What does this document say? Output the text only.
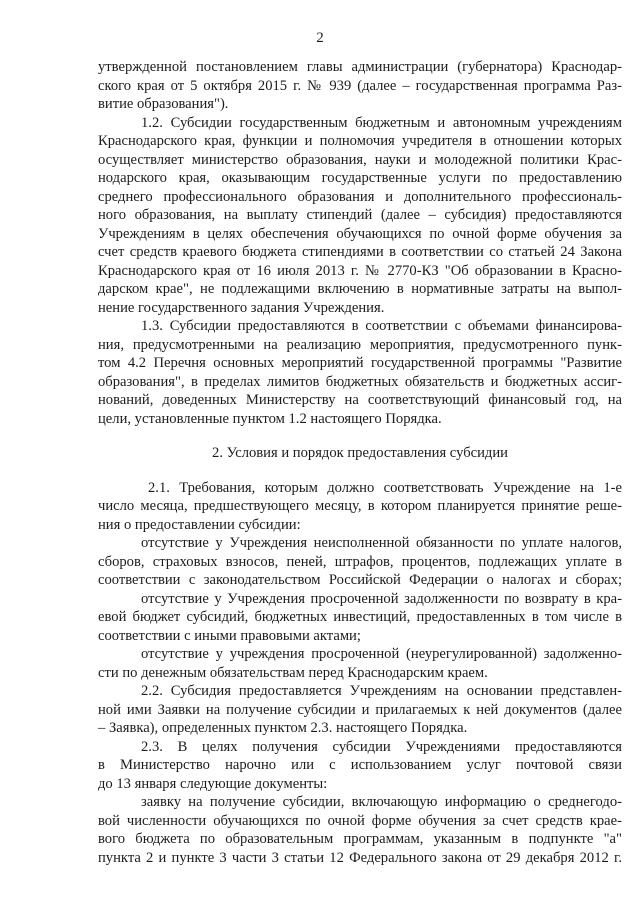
2
утвержденной постановлением главы администрации (губернатора) Краснодар-
ского края от 5 октября 2015 г. № 939 (далее – государственная программа Раз-
витие образования").
1.2. Субсидии государственным бюджетным и автономным учреждениям
Краснодарского края, функции и полномочия учредителя в отношении которых
осуществляет министерство образования, науки и молодежной политики Крас-
нодарского края, оказывающим государственные услуги по предоставлению
среднего профессионального образования и дополнительного профессиональ-
ного образования, на выплату стипендий (далее – субсидия) предоставляются
Учреждениям в целях обеспечения обучающихся по очной форме обучения за
счет средств краевого бюджета стипендиями в соответствии со статьей 24 Закона
Краснодарского края от 16 июля 2013 г. № 2770-КЗ "Об образовании в Красно-
дарском крае", не подлежащими включению в нормативные затраты на выпол-
нение государственного задания Учреждения.
1.3. Субсидии предоставляются в соответствии с объемами финансирова-
ния, предусмотренными на реализацию мероприятия, предусмотренного пунк-
том 4.2 Перечня основных мероприятий государственной программы "Развитие
образования", в пределах лимитов бюджетных обязательств и бюджетных ассиг-
нований, доведенных Министерству на соответствующий финансовый год, на
цели, установленные пунктом 1.2 настоящего Порядка.
2. Условия и порядок предоставления субсидии
2.1. Требования, которым должно соответствовать Учреждение на 1-е
число месяца, предшествующего месяцу, в котором планируется принятие реше-
ния о предоставлении субсидии:
отсутствие у Учреждения неисполненной обязанности по уплате налогов,
сборов, страховых взносов, пеней, штрафов, процентов, подлежащих уплате в
соответствии с законодательством Российской Федерации о налогах и сборах;
отсутствие у Учреждения просроченной задолженности по возврату в кра-
евой бюджет субсидий, бюджетных инвестиций, предоставленных в том числе в
соответствии с иными правовыми актами;
отсутствие у учреждения просроченной (неурегулированной) задолженно-
сти по денежным обязательствам перед Краснодарским краем.
2.2. Субсидия предоставляется Учреждениям на основании представлен-
ной ими Заявки на получение субсидии и прилагаемых к ней документов (далее
– Заявка), определенных пунктом 2.3. настоящего Порядка.
2.3. В целях получения субсидии Учреждениями предоставляются
в Министерство нарочно или с использованием услуг почтовой связи
до 13 января следующие документы:
заявку на получение субсидии, включающую информацию о среднегодо-
вой численности обучающихся по очной форме обучения за счет средств крае-
вого бюджета по образовательным программам, указанным в подпункте "а"
пункта 2 и пункте 3 части 3 статьи 12 Федерального закона от 29 декабря 2012 г.
